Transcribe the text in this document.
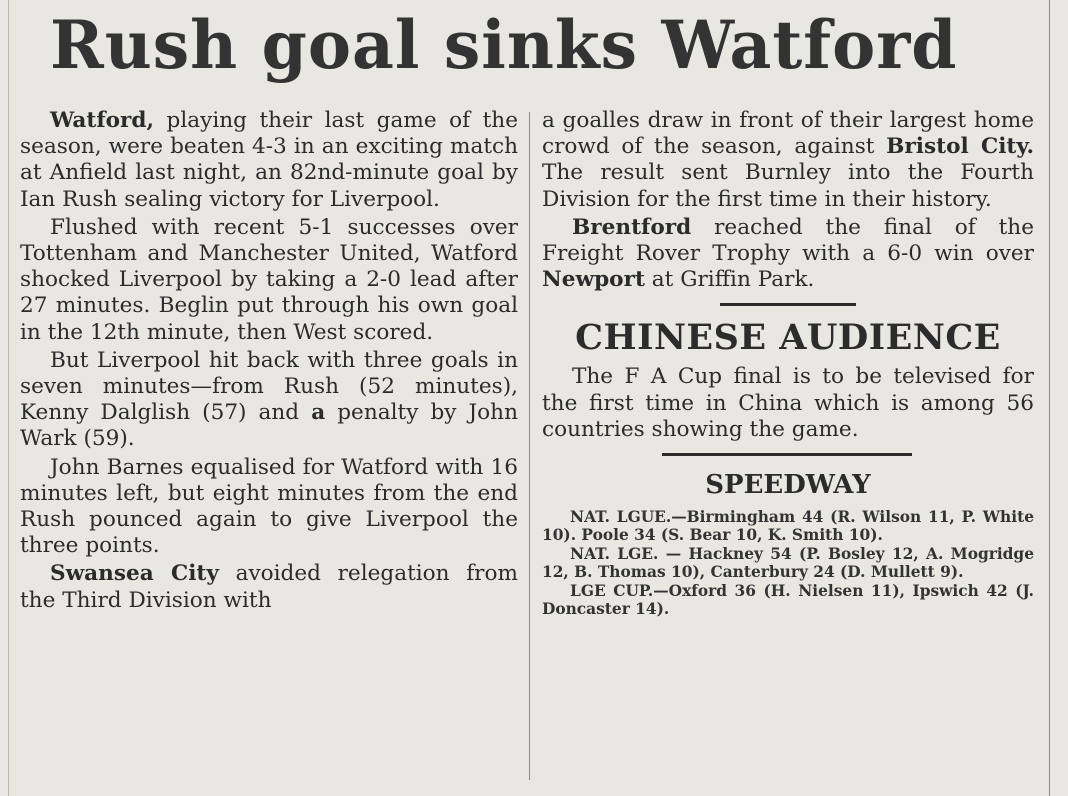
Rush goal sinks Watford

Watford, playing their last game of the season, were beaten 4-3 in an exciting match at Anfield last night, an 82nd-minute goal by Ian Rush sealing victory for Liverpool.

Flushed with recent 5-1 successes over Tottenham and Manchester United, Watford shocked Liverpool by taking a 2-0 lead after 27 minutes. Beglin put through his own goal in the 12th minute, then West scored.

But Liverpool hit back with three goals in seven minutes—from Rush (52 minutes), Kenny Dalglish (57) and a penalty by John Wark (59).

John Barnes equalised for Watford with 16 minutes left, but eight minutes from the end Rush pounced again to give Liverpool the three points.

Swansea City avoided relegation from the Third Division with

a goalles draw in front of their largest home crowd of the season, against Bristol City. The result sent Burnley into the Fourth Division for the first time in their history.

Brentford reached the final of the Freight Rover Trophy with a 6-0 win over Newport at Griffin Park.

CHINESE AUDIENCE

The F A Cup final is to be televised for the first time in China which is among 56 countries showing the game.

SPEEDWAY

NAT. LGUE.—Birmingham 44 (R. Wilson 11, P. White 10). Poole 34 (S. Bear 10, K. Smith 10).

NAT. LGE. — Hackney 54 (P. Bosley 12, A. Mogridge 12, B. Thomas 10), Canterbury 24 (D. Mullett 9).

LGE CUP.—Oxford 36 (H. Nielsen 11), Ipswich 42 (J. Doncaster 14).
